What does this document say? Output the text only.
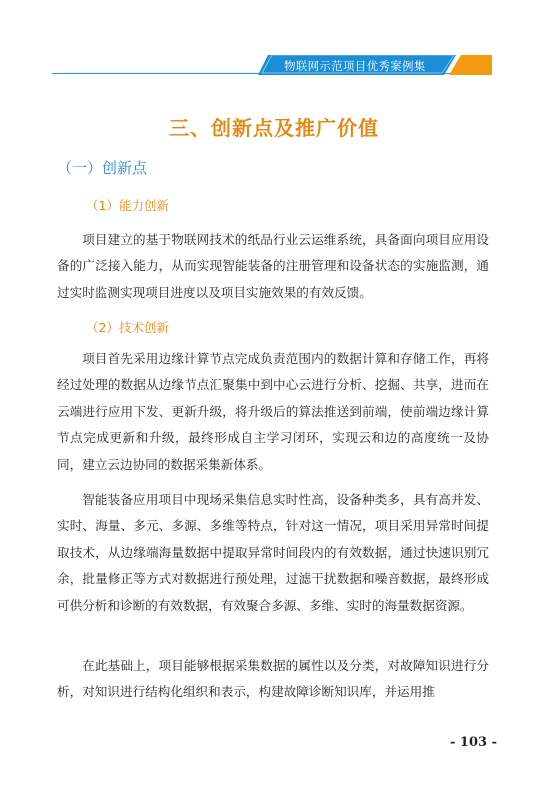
物联网示范项目优秀案例集
三、创新点及推广价值
（一）创新点
（1）能力创新

项目建立的基于物联网技术的纸品行业云运维系统，具备面向项目应用设备的广泛接入能力，从而实现智能装备的注册管理和设备状态的实施监测，通过实时监测实现项目进度以及项目实施效果的有效反馈。

（2）技术创新

项目首先采用边缘计算节点完成负责范围内的数据计算和存储工作，再将经过处理的数据从边缘节点汇聚集中到中心云进行分析、挖掘、共享，进而在云端进行应用下发、更新升级，将升级后的算法推送到前端，使前端边缘计算节点完成更新和升级，最终形成自主学习闭环，实现云和边的高度统一及协同，建立云边协同的数据采集新体系。

智能装备应用项目中现场采集信息实时性高，设备种类多，具有高并发、实时、海量、多元、多源、多维等特点，针对这一情况，项目采用异常时间提取技术，从边缘端海量数据中提取异常时间段内的有效数据，通过快速识别冗余，批量修正等方式对数据进行预处理，过滤干扰数据和噪音数据，最终形成可供分析和诊断的有效数据，有效聚合多源、多维、实时的海量数据资源。

在此基础上，项目能够根据采集数据的属性以及分类，对故障知识进行分析，对知识进行结构化组织和表示，构建故障诊断知识库，并运用推

- 103 -
